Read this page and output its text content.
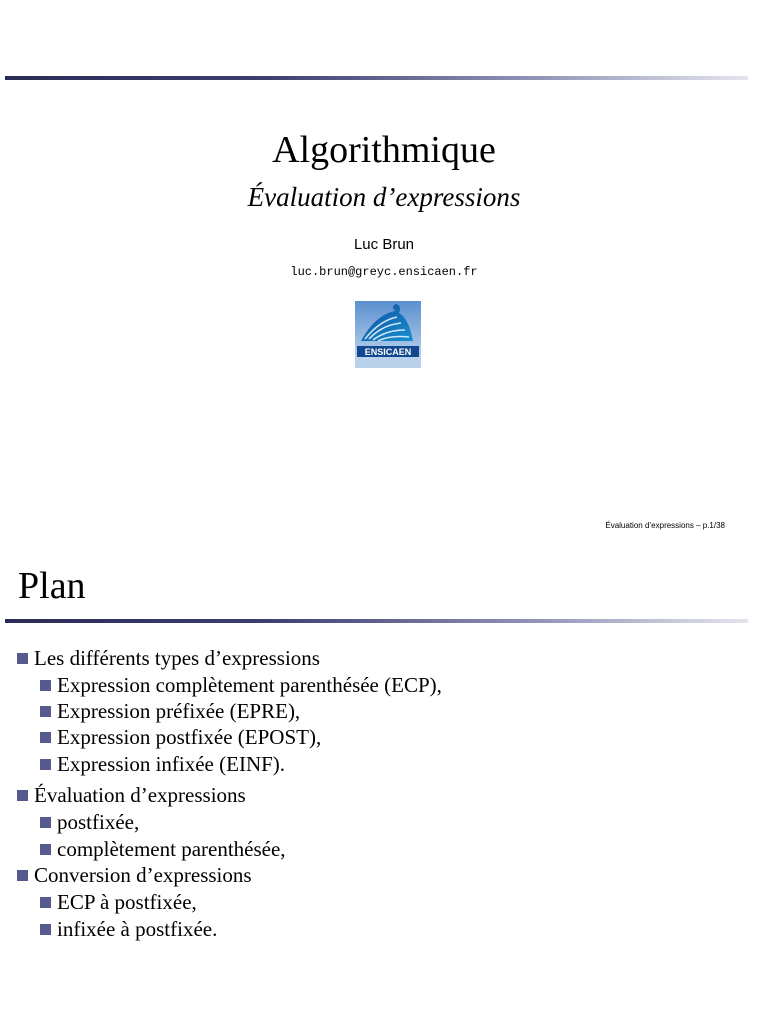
Algorithmique
Évaluation d’expressions
Luc Brun
luc.brun@greyc.ensicaen.fr
ENSICAEN
Évaluation d’expressions – p.1/38
Plan
Les différents types d’expressions
Expression complètement parenthésée (ECP),
Expression préfixée (EPRE),
Expression postfixée (EPOST),
Expression infixée (EINF).
Évaluation d’expressions
postfixée,
complètement parenthésée,
Conversion d’expressions
ECP à postfixée,
infixée à postfixée.
